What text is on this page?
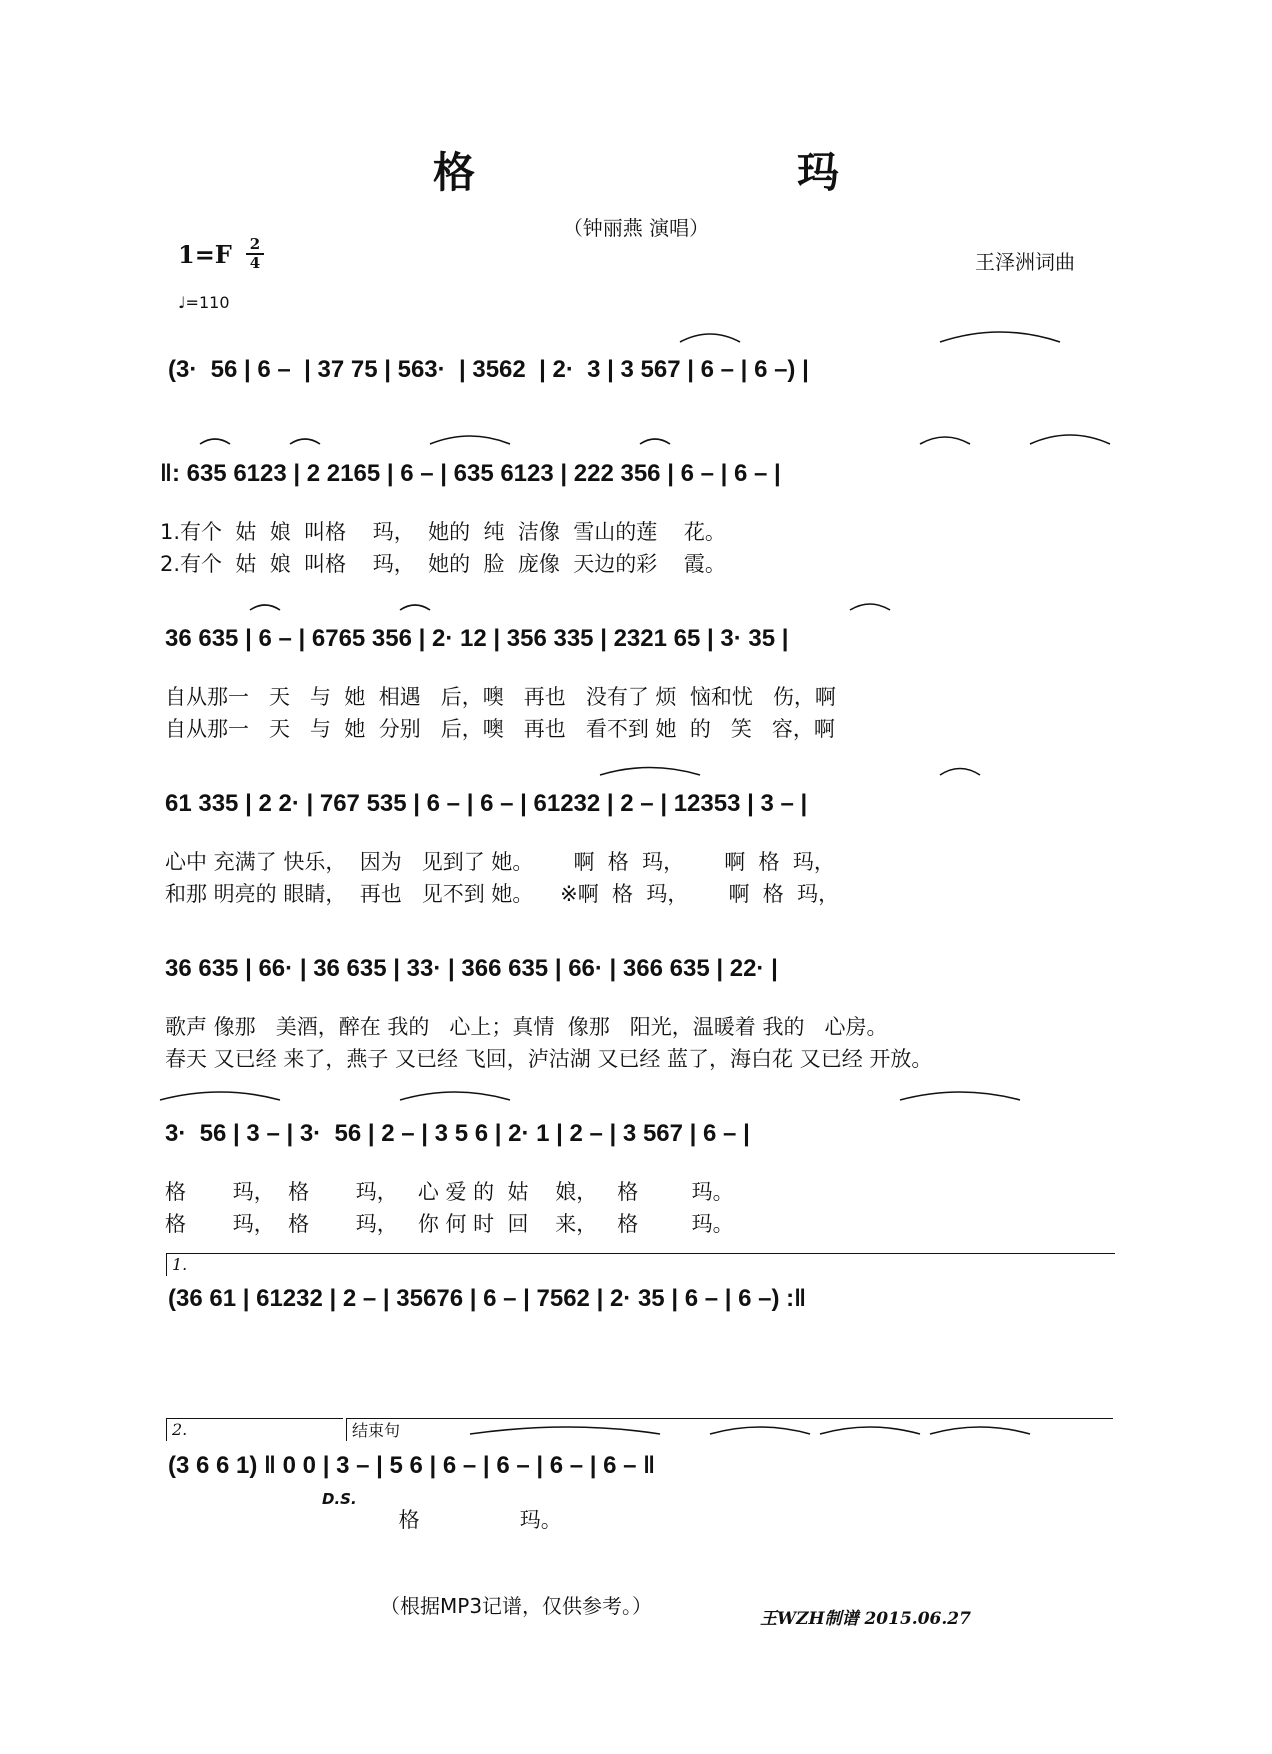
格　玛
（钟丽燕 演唱）
1=F 2
4
♩=110
王泽洲词曲
(3·  56 | 6 –  | 37 75 | 563·  | 3562  | 2·  3 | 3 567 | 6 – | 6 –) |
‖: 635 6123 | 2 2165 | 6 – | 635 6123 | 222 356 | 6 – | 6 – |
1.有个  姑  娘  叫格    玛，  她的  纯  洁像  雪山的莲    花。
2.有个  姑  娘  叫格    玛，  她的  脸  庞像  天边的彩    霞。
36 635 | 6 – | 6765 356 | 2· 12 | 356 335 | 2321 65 | 3· 35 |
自从那一   天   与  她  相遇   后，噢   再也   没有了 烦  恼和忧   伤，啊
自从那一   天   与  她  分别   后，噢   再也   看不到 她  的   笑   容，啊
61 335 | 2 2· | 767 535 | 6 – | 6 – | 61232 | 2 – | 12353 | 3 – |
心中 充满了 快乐，  因为   见到了 她。      啊  格  玛，      啊  格  玛，
和那 明亮的 眼睛，  再也   见不到 她。    ※啊  格  玛，      啊  格  玛，
36 635 | 66· | 36 635 | 33· | 366 635 | 66· | 366 635 | 22· |
歌声 像那   美酒，醉在 我的   心上；真情  像那   阳光，温暖着 我的   心房。
春天 又已经 来了，燕子 又已经 飞回，泸沽湖 又已经 蓝了，海白花 又已经 开放。
3·  56 | 3 – | 3·  56 | 2 – | 3 5 6 | 2· 1 | 2 – | 3 567 | 6 – |
格       玛，  格       玛，   心 爱 的  姑    娘，   格        玛。
格       玛，  格       玛，   你 何 时  回    来，   格        玛。
1.
(36 61 | 61232 | 2 – | 35676 | 6 – | 7562 | 2· 35 | 6 – | 6 –) :‖
2.	结束句
(3 6 6 1) ‖ 0 0 | 3 – | 5 6 | 6 – | 6 – | 6 – | 6 – ‖
D.S.
格               玛。
（根据MP3记谱，仅供参考。）
王WZH制谱 2015.06.27
